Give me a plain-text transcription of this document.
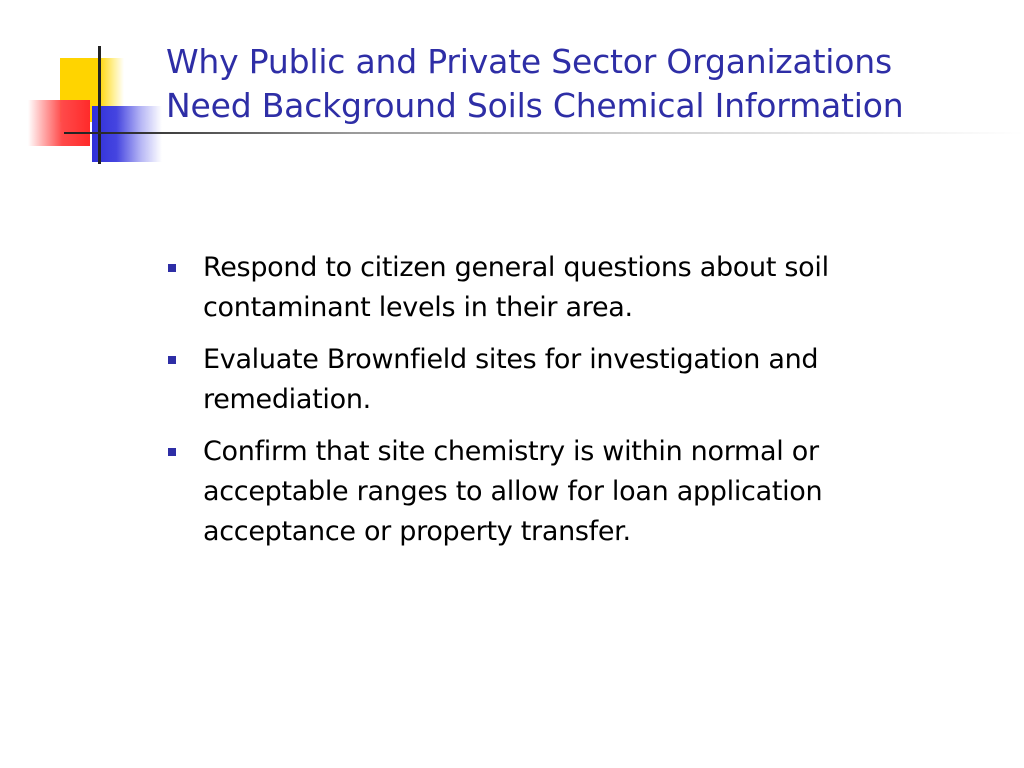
Why Public and Private Sector Organizations
Need Background Soils Chemical Information
Respond to citizen general questions about soil contaminant levels in their area.
Evaluate Brownfield sites for investigation and remediation.
Confirm that site chemistry is within normal or acceptable ranges to allow for loan application acceptance or property transfer.
